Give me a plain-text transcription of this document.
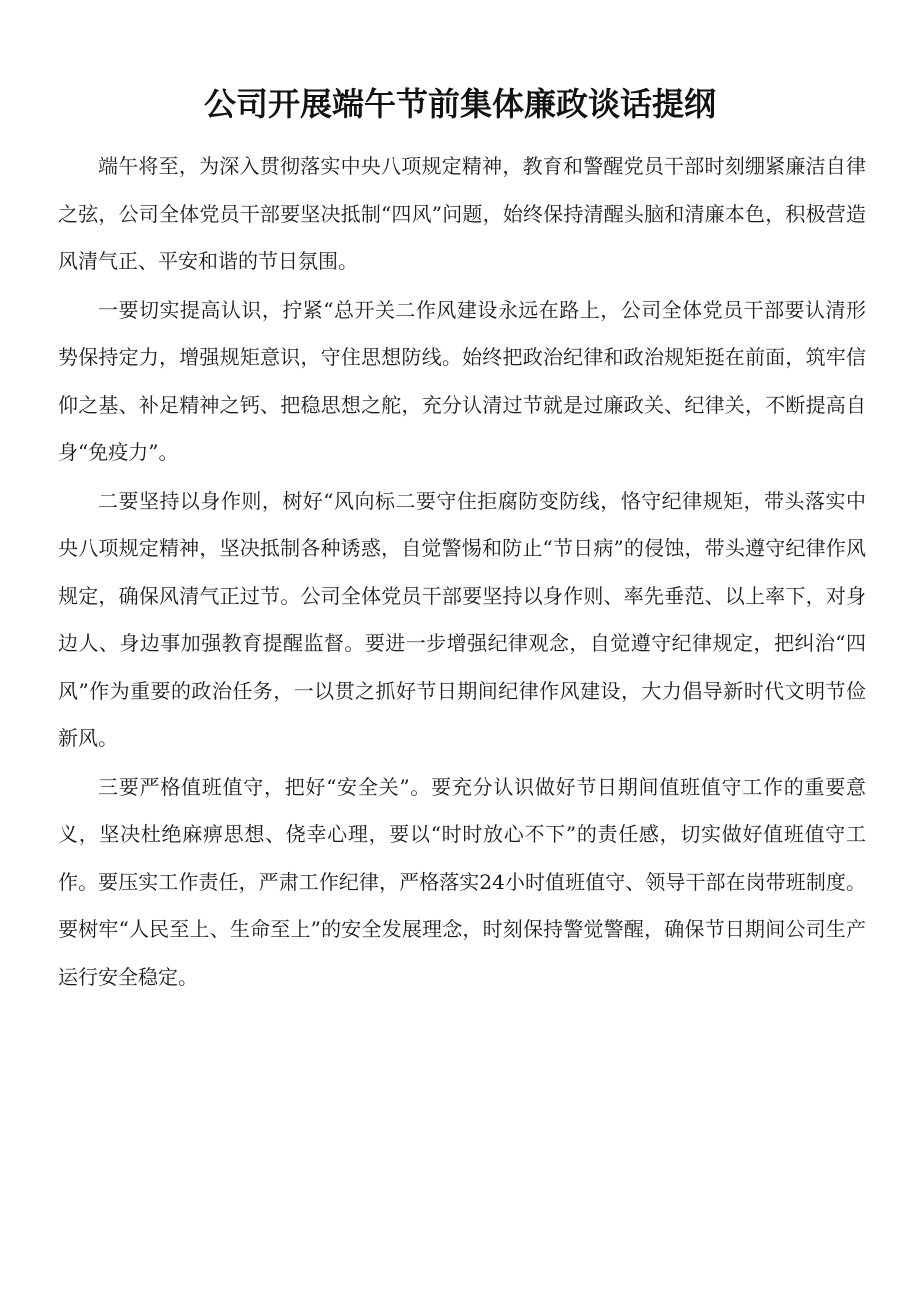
公司开展端午节前集体廉政谈话提纲

端午将至，为深入贯彻落实中央八项规定精神，教育和警醒党员干部时刻绷紧廉洁自律之弦，公司全体党员干部要坚决抵制“四风”问题，始终保持清醒头脑和清廉本色，积极营造风清气正、平安和谐的节日氛围。

一要切实提高认识，拧紧“总开关二作风建设永远在路上，公司全体党员干部要认清形势保持定力，增强规矩意识，守住思想防线。始终把政治纪律和政治规矩挺在前面，筑牢信仰之基、补足精神之钙、把稳思想之舵，充分认清过节就是过廉政关、纪律关，不断提高自身“免疫力”。

二要坚持以身作则，树好“风向标二要守住拒腐防变防线，恪守纪律规矩，带头落实中央八项规定精神，坚决抵制各种诱惑，自觉警惕和防止“节日病”的侵蚀，带头遵守纪律作风规定，确保风清气正过节。公司全体党员干部要坚持以身作则、率先垂范、以上率下，对身边人、身边事加强教育提醒监督。要进一步增强纪律观念，自觉遵守纪律规定，把纠治“四风”作为重要的政治任务，一以贯之抓好节日期间纪律作风建设，大力倡导新时代文明节俭新风。

三要严格值班值守，把好“安全关”。要充分认识做好节日期间值班值守工作的重要意义，坚决杜绝麻痹思想、侥幸心理，要以“时时放心不下”的责任感，切实做好值班值守工作。要压实工作责任，严肃工作纪律，严格落实24小时值班值守、领导干部在岗带班制度。要树牢“人民至上、生命至上”的安全发展理念，时刻保持警觉警醒，确保节日期间公司生产运行安全稳定。
